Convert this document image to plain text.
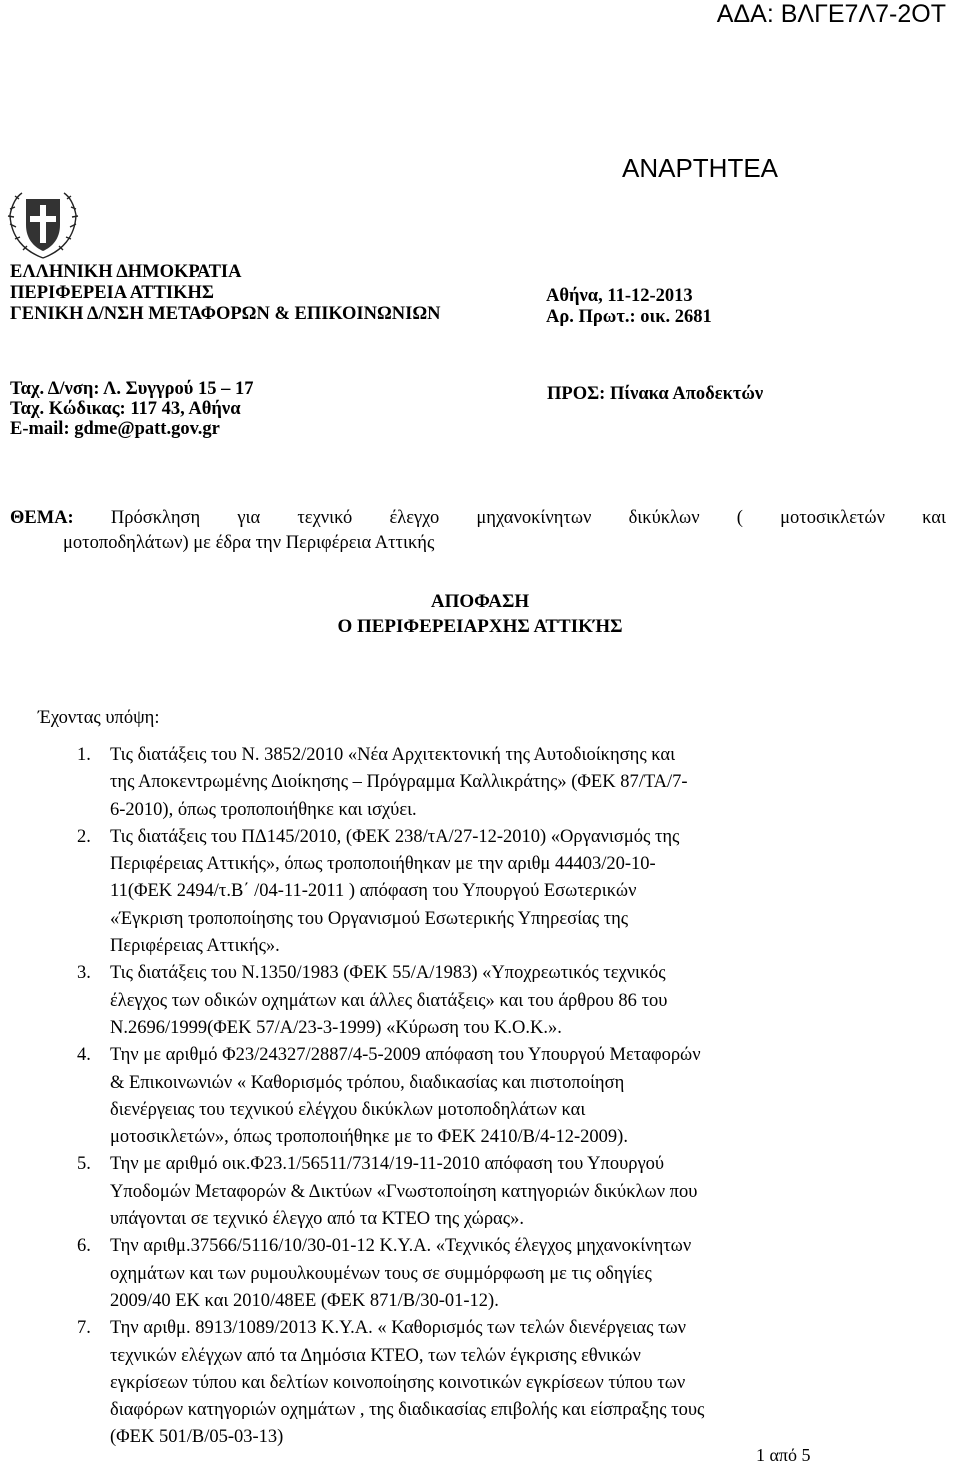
ΑΔΑ: ΒΛΓΕ7Λ7-2ΟΤ
ΑΝΑΡΤΗΤΕΑ
ΕΛΛΗΝΙΚΗ ΔΗΜΟΚΡΑΤΙΑ
ΠΕΡΙΦΕΡΕΙΑ ΑΤΤΙΚΗΣ
ΓΕΝΙΚΗ Δ/ΝΣΗ ΜΕΤΑΦΟΡΩΝ & ΕΠΙΚΟΙΝΩΝΙΩΝ
Αθήνα, 11-12-2013
Αρ. Πρωτ.: οικ. 2681
Ταχ. Δ/νση: Λ. Συγγρού 15 – 17
Ταχ. Κώδικας: 117 43, Αθήνα
E-mail: gdme@patt.gov.gr
ΠΡΟΣ: Πίνακα Αποδεκτών
ΘΕΜΑ: Πρόσκληση για τεχνικό έλεγχο μηχανοκίνητων δικύκλων ( μοτοσικλετών και
μοτοποδηλάτων) με έδρα την Περιφέρεια Αττικής
ΑΠΟΦΑΣΗ
Ο ΠΕΡΙΦΕΡΕΙΑΡΧΗΣ ΑΤΤΙΚΉΣ
Έχοντας υπόψη:
1. Τις διατάξεις του Ν. 3852/2010 «Νέα Αρχιτεκτονική της Αυτοδιοίκησης και
της Αποκεντρωμένης Διοίκησης – Πρόγραμμα Καλλικράτης» (ΦΕΚ 87/ΤΑ/7-
6-2010), όπως τροποποιήθηκε και ισχύει.
2. Τις διατάξεις του ΠΔ145/2010, (ΦΕΚ 238/τΑ/27-12-2010) «Οργανισμός της
Περιφέρειας Αττικής», όπως τροποποιήθηκαν με την αριθμ 44403/20-10-
11(ΦΕΚ 2494/τ.Β΄ /04-11-2011 ) απόφαση του Υπουργού Εσωτερικών
«Έγκριση τροποποίησης του Οργανισμού Εσωτερικής Υπηρεσίας της
Περιφέρειας Αττικής».
3. Τις διατάξεις του Ν.1350/1983 (ΦΕΚ 55/Α/1983) «Υποχρεωτικός τεχνικός
έλεγχος των οδικών οχημάτων και άλλες διατάξεις» και του άρθρου 86 του
Ν.2696/1999(ΦΕΚ 57/Α/23-3-1999) «Κύρωση του Κ.Ο.Κ.».
4. Την με αριθμό Φ23/24327/2887/4-5-2009 απόφαση του Υπουργού Μεταφορών
& Επικοινωνιών « Καθορισμός τρόπου, διαδικασίας και πιστοποίηση
διενέργειας του τεχνικού ελέγχου δικύκλων μοτοποδηλάτων και
μοτοσικλετών», όπως τροποποιήθηκε με το ΦΕΚ 2410/Β/4-12-2009).
5. Την με αριθμό οικ.Φ23.1/56511/7314/19-11-2010 απόφαση του Υπουργού
Υποδομών Μεταφορών & Δικτύων «Γνωστοποίηση κατηγοριών δικύκλων που
υπάγονται σε τεχνικό έλεγχο από τα ΚΤΕΟ της χώρας».
6. Την αριθμ.37566/5116/10/30-01-12 Κ.Υ.Α. «Τεχνικός έλεγχος μηχανοκίνητων
οχημάτων και των ρυμουλκουμένων τους σε συμμόρφωση με τις οδηγίες
2009/40 ΕΚ και 2010/48ΕΕ (ΦΕΚ 871/Β/30-01-12).
7. Την αριθμ. 8913/1089/2013 Κ.Υ.Α. « Καθορισμός των τελών διενέργειας των
τεχνικών ελέγχων από τα Δημόσια ΚΤΕΟ, των τελών έγκρισης εθνικών
εγκρίσεων τύπου και δελτίων κοινοποίησης κοινοτικών εγκρίσεων τύπου των
διαφόρων κατηγοριών οχημάτων , της διαδικασίας επιβολής και είσπραξης τους
(ΦΕΚ 501/Β/05-03-13)
1 από 5
